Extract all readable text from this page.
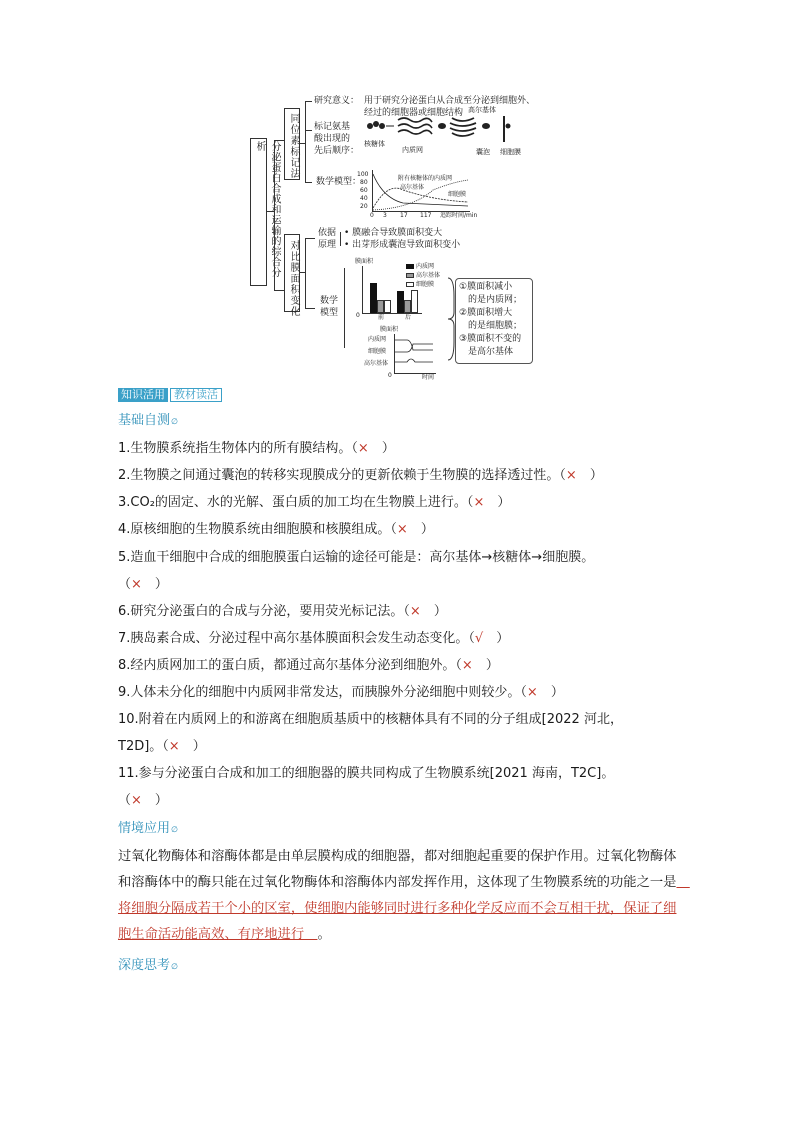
析	同位素标记法
研究意义： 用于研究分泌蛋白从合成至分泌到细胞外、
经过的细胞器或细胞结构
标记氨基
酸出现的
先后顺序：
核糖体
内质网
高尔基体
囊泡 细胞膜
数学模型：
100
80
60
40
20
附有核糖体的内质网
高尔基体
细胞膜
0 3 17 117 追踪时间/min
对比膜面积变化
依据
原理
• 膜融合导致膜面积变大
• 出芽形成囊泡导致面积变小
数学
模型
膜面积
0	前	后
内质网
高尔基体
细胞膜
膜面积
0	时间
内质网
细胞膜
高尔基体
①膜面积减小
的是内质网；
②膜面积增大
的是细胞膜；
③膜面积不变的
是高尔基体
知识活用 教材读活
基础自测∅
1.生物膜系统指生物体内的所有膜结构。（×　）
2.生物膜之间通过囊泡的转移实现膜成分的更新依赖于生物膜的选择透过性。（×　）
3.CO₂的固定、水的光解、蛋白质的加工均在生物膜上进行。（×　）
4.原核细胞的生物膜系统由细胞膜和核膜组成。（×　）
5.造血干细胞中合成的细胞膜蛋白运输的途径可能是：高尔基体→核糖体→细胞膜。
（×　）
6.研究分泌蛋白的合成与分泌，要用荧光标记法。（×　）
7.胰岛素合成、分泌过程中高尔基体膜面积会发生动态变化。（√　）
8.经内质网加工的蛋白质，都通过高尔基体分泌到细胞外。（×　）
9.人体未分化的细胞中内质网非常发达，而胰腺外分泌细胞中则较少。（×　）
10.附着在内质网上的和游离在细胞质基质中的核糖体具有不同的分子组成[2022 河北，
T2D]。（×　）
11.参与分泌蛋白合成和加工的细胞器的膜共同构成了生物膜系统[2021 海南，T2C]。
（×　）
情境应用∅
过氧化物酶体和溶酶体都是由单层膜构成的细胞器，都对细胞起重要的保护作用。过氧化物酶体和溶酶体中的酶只能在过氧化物酶体和溶酶体内部发挥作用，这体现了生物膜系统的功能之一是　将细胞分隔成若干个小的区室，使细胞内能够同时进行多种化学反应而不会互相干扰，保证了细胞生命活动能高效、有序地进行　。
深度思考∅
